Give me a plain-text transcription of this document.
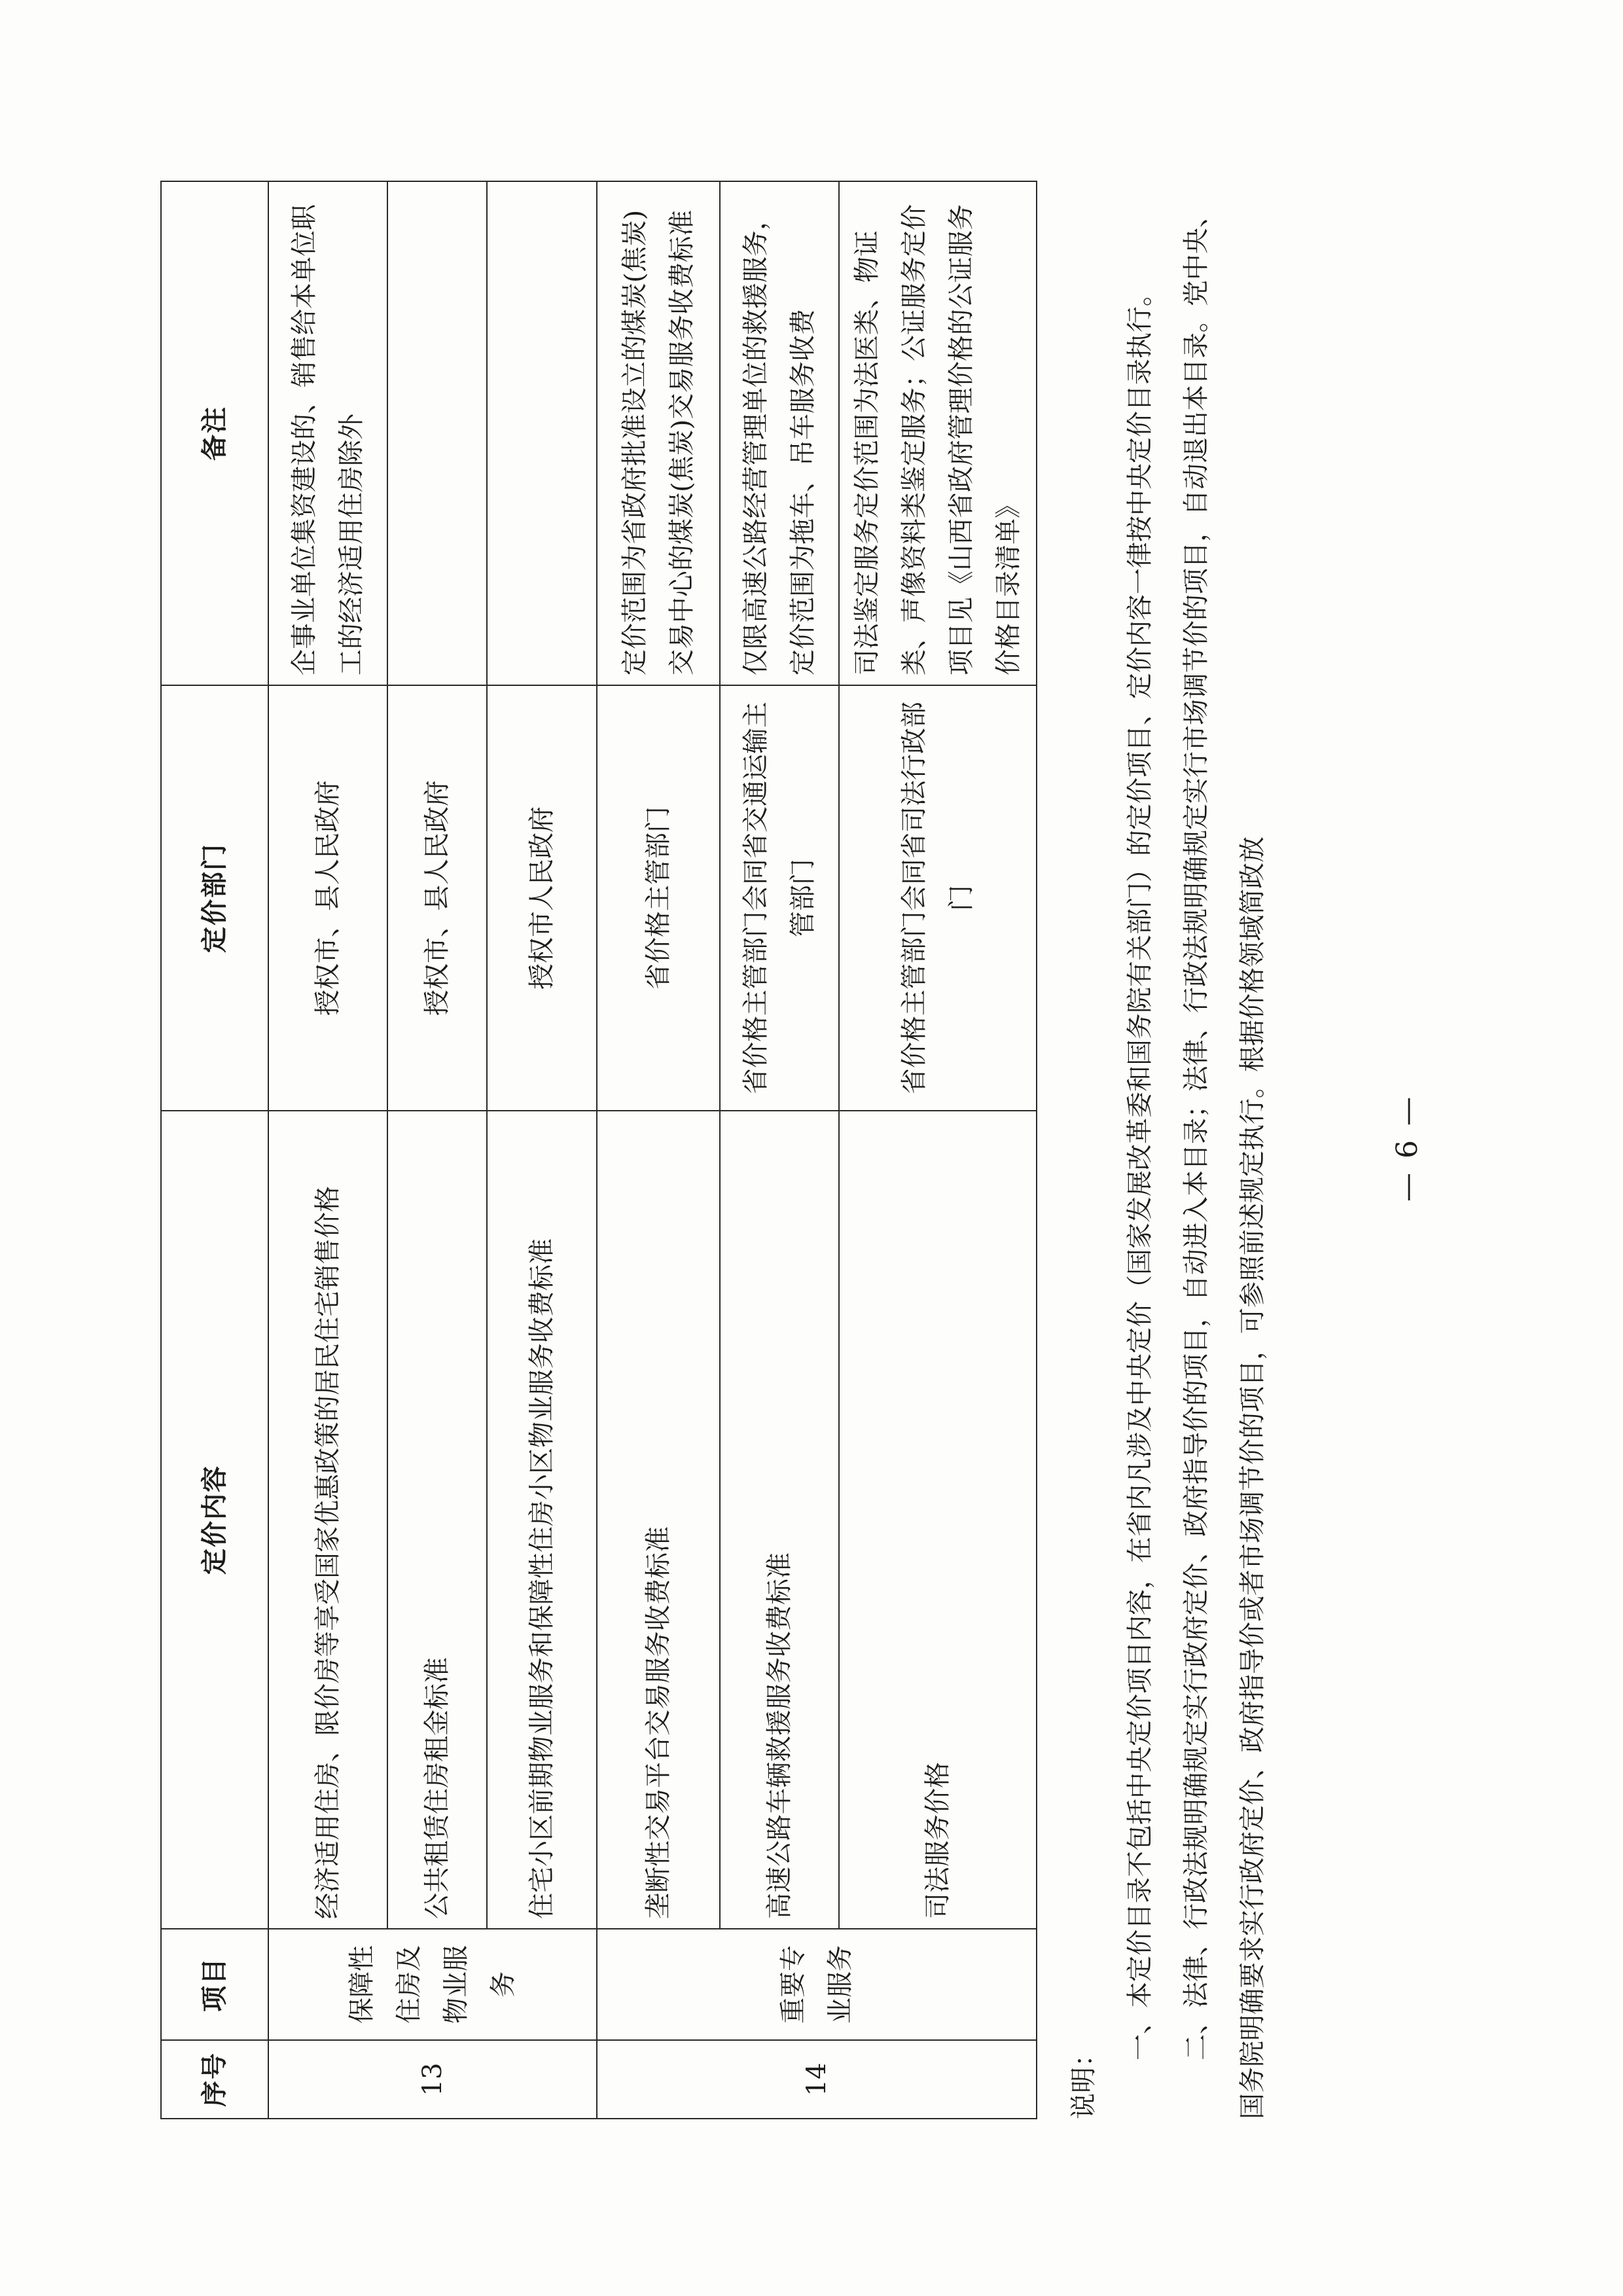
序号	项目	定价内容	定价部门	备注
13	保障性住房及物业服务	经济适用住房、限价房等享受国家优惠政策的居民住宅销售价格	授权市、县人民政府	企事业单位集资建设的、销售给本单位职工的经济适用住房除外
		公共租赁住房租金标准	授权市、县人民政府	
		住宅小区前期物业服务和保障性住房小区物业服务收费标准	授权市人民政府	
14	重要专业服务	垄断性交易平台交易服务收费标准	省价格主管部门	定价范围为省政府批准设立的煤炭(焦炭)交易中心的煤炭(焦炭)交易服务收费标准
		高速公路车辆救援服务收费标准	省价格主管部门会同省交通运输主管部门	仅限高速公路经营管理单位的救援服务，定价范围为拖车、吊车服务收费
		司法服务价格	省价格主管部门会同省司法行政部门	司法鉴定服务定价范围为法医类、物证类、声像资料类鉴定服务；公证服务定价项目见《山西省政府管理价格的公证服务价格目录清单》

说明：

一、本定价目录不包括中央定价项目内容，在省内凡涉及中央定价（国家发展改革委和国务院有关部门）的定价项目、定价内容一律按中央定价目录执行。	二、法律、行政法规明确规定实行政府定价、政府指导价的项目，自动进入本目录；法律、行政法规明确规定实行市场调节价的项目，自动退出本目录。党中央、国务院明确要求实行政府定价、政府指导价或者市场调节价的项目，可参照前述规定执行。根据价格领域简政放	— 6 —
